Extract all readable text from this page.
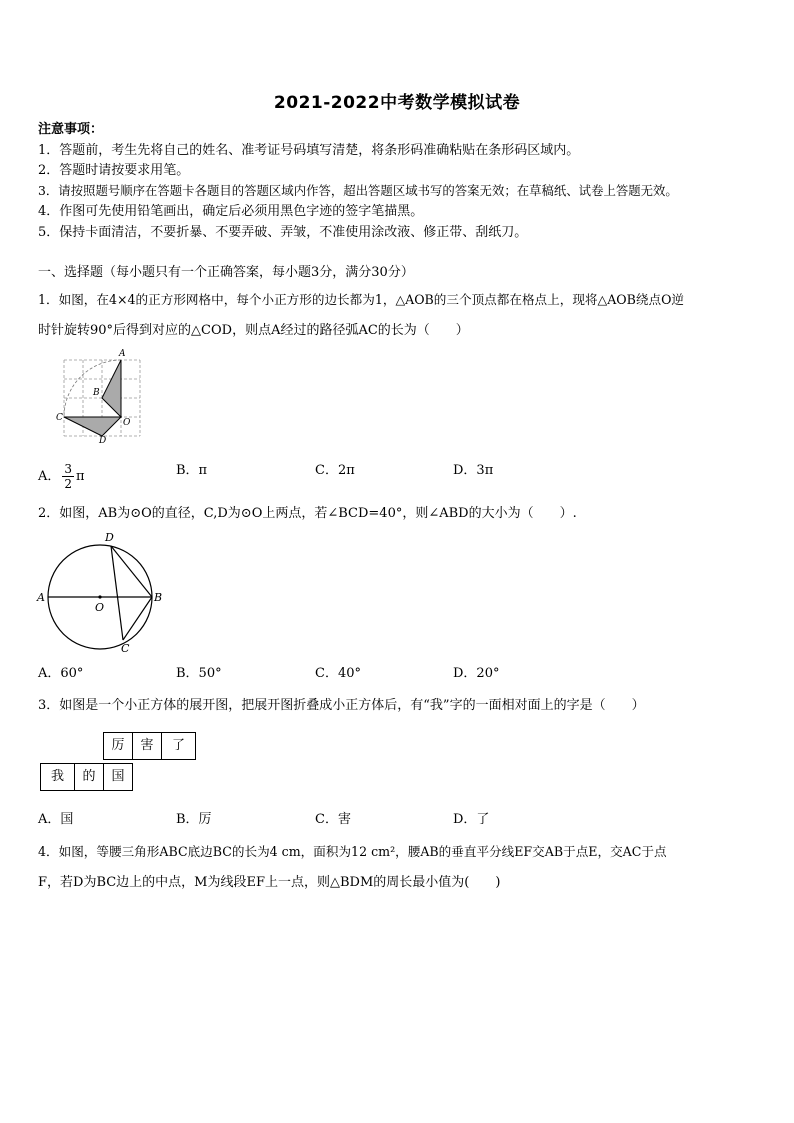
2021-2022中考数学模拟试卷
注意事项：
1．答题前，考生先将自己的姓名、准考证号码填写清楚，将条形码准确粘贴在条形码区域内。
2．答题时请按要求用笔。
3．请按照题号顺序在答题卡各题目的答题区域内作答，超出答题区域书写的答案无效；在草稿纸、试卷上答题无效。
4．作图可先使用铅笔画出，确定后必须用黑色字迹的签字笔描黑。
5．保持卡面清洁，不要折暴、不要弄破、弄皱，不准使用涂改液、修正带、刮纸刀。
一、选择题（每小题只有一个正确答案，每小题3分，满分30分）
1．如图，在4×4的正方形网格中，每个小正方形的边长都为1，△AOB的三个顶点都在格点上，现将△AOB绕点O逆
时针旋转90°后得到对应的△COD，则点A经过的路径弧AC的长为（　　）
A
B
C	O
D
A． $\frac{3}{2}$ π	B．π	C．2π	D．3π
2．如图，AB为⊙O的直径，C,D为⊙O上两点，若∠BCD=40°，则∠ABD的大小为（　　）.
D
A
O
B
C
A．60°	B．50°	C．40°	D．20°
3．如图是一个小正方体的展开图，把展开图折叠成小正方体后，有“我”字的一面相对面上的字是（　　）
厉	害	了
我	的	国
A．国	B．厉	C．害	D．了
4．如图，等腰三角形ABC底边BC的长为4 cm，面积为12 cm²，腰AB的垂直平分线EF交AB于点E，交AC于点
F，若D为BC边上的中点，M为线段EF上一点，则△BDM的周长最小值为(　　)
